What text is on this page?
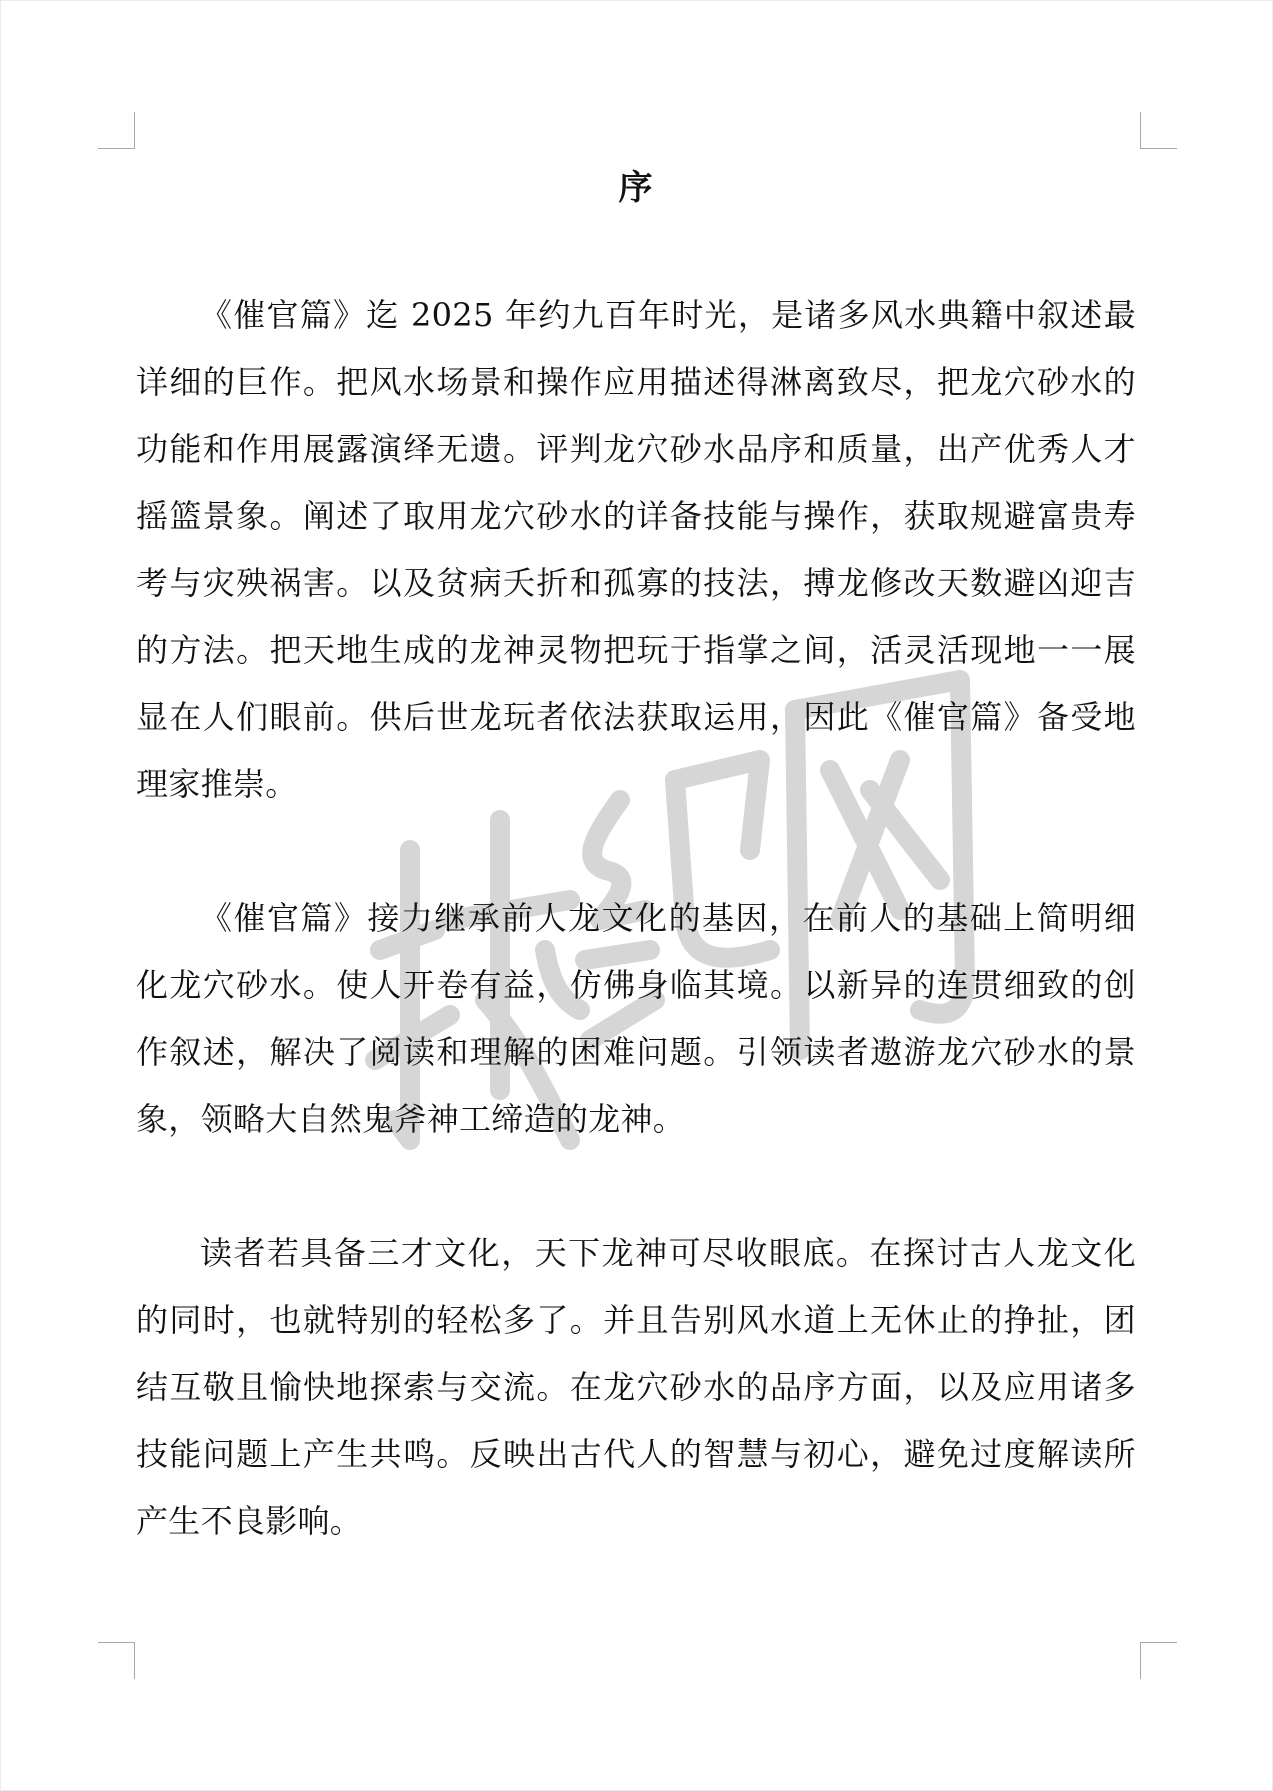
序

《催官篇》迄 2025 年约九百年时光，是诸多风水典籍中叙述最详细的巨作。把风水场景和操作应用描述得淋离致尽，把龙穴砂水的功能和作用展露演绎无遗。评判龙穴砂水品序和质量，出产优秀人才摇篮景象。阐述了取用龙穴砂水的详备技能与操作，获取规避富贵寿考与灾殃祸害。以及贫病夭折和孤寡的技法，搏龙修改天数避凶迎吉的方法。把天地生成的龙神灵物把玩于指掌之间，活灵活现地一一展显在人们眼前。供后世龙玩者依法获取运用，因此《催官篇》备受地理家推崇。

《催官篇》接力继承前人龙文化的基因，在前人的基础上简明细化龙穴砂水。使人开卷有益，仿佛身临其境。以新异的连贯细致的创作叙述，解决了阅读和理解的困难问题。引领读者遨游龙穴砂水的景象，领略大自然鬼斧神工缔造的龙神。

读者若具备三才文化，天下龙神可尽收眼底。在探讨古人龙文化的同时，也就特别的轻松多了。并且告别风水道上无休止的挣扯，团结互敬且愉快地探索与交流。在龙穴砂水的品序方面，以及应用诸多技能问题上产生共鸣。反映出古代人的智慧与初心，避免过度解读所产生不良影响。
